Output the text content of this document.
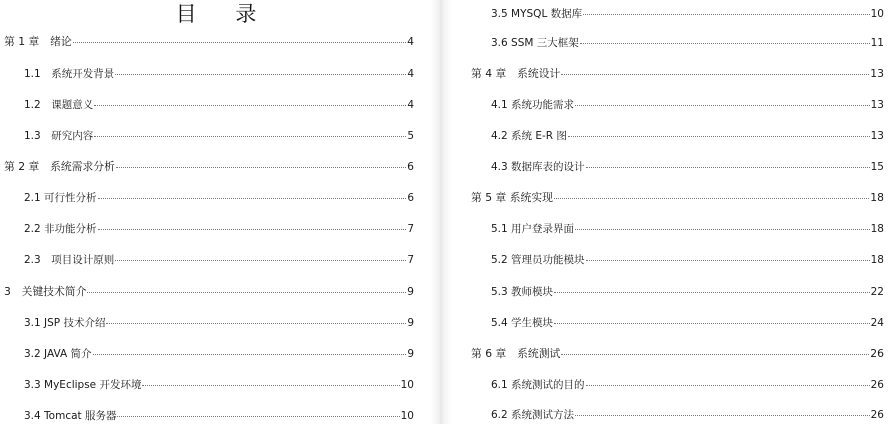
目 录
第 1 章　绪论	4
1.1　系统开发背景	4
1.2　课题意义	4
1.3　研究内容	5
第 2 章　系统需求分析	6
2.1 可行性分析	6
2.2 非功能分析	7
2.3　项目设计原则	7
3　关键技术简介	9
3.1 JSP 技术介绍	9
3.2 JAVA 简介	9
3.3 MyEclipse 开发环境	10
3.4 Tomcat 服务器	10
3.5 MYSQL 数据库	10
3.6 SSM 三大框架	11
第 4 章　系统设计	13
4.1 系统功能需求	13
4.2 系统 E-R 图	13
4.3 数据库表的设计	15
第 5 章 系统实现	18
5.1 用户登录界面	18
5.2 管理员功能模块	18
5.3 教师模块	22
5.4 学生模块	24
第 6 章　系统测试	26
6.1 系统测试的目的	26
6.2 系统测试方法	26
